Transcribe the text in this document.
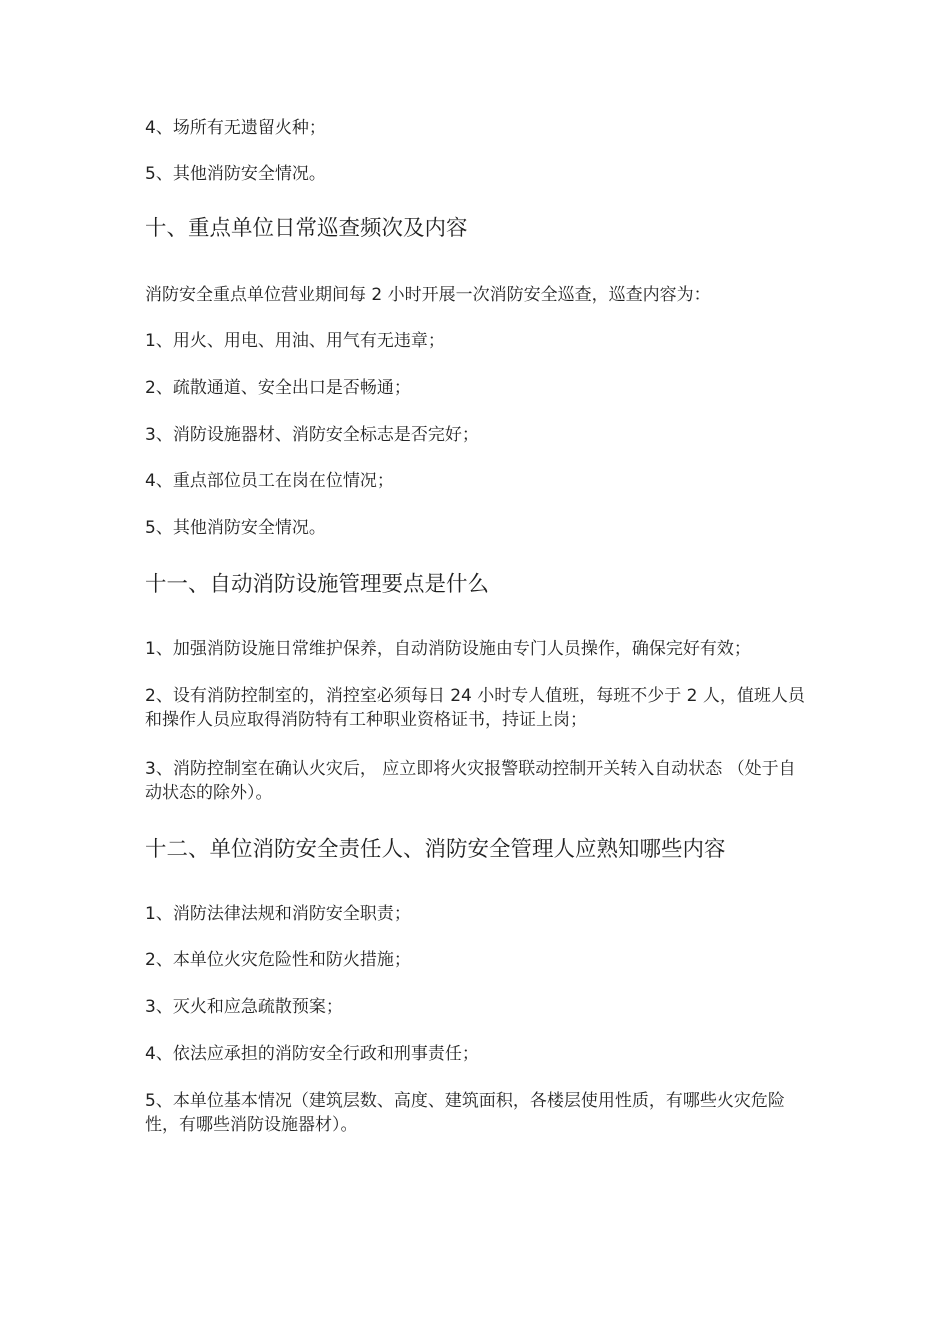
4、场所有无遗留火种；
5、其他消防安全情况。
十、重点单位日常巡查频次及内容
消防安全重点单位营业期间每 2 小时开展一次消防安全巡查，巡查内容为：
1、用火、用电、用油、用气有无违章；
2、疏散通道、安全出口是否畅通；
3、消防设施器材、消防安全标志是否完好；
4、重点部位员工在岗在位情况；
5、其他消防安全情况。
十一、自动消防设施管理要点是什么
1、加强消防设施日常维护保养，自动消防设施由专门人员操作，确保完好有效；
2、设有消防控制室的，消控室必须每日 24 小时专人值班，每班不少于 2 人，值班人员和操作人员应取得消防特有工种职业资格证书，持证上岗；
3、消防控制室在确认火灾后， 应立即将火灾报警联动控制开关转入自动状态 （处于自动状态的除外）。
十二、单位消防安全责任人、消防安全管理人应熟知哪些内容
1、消防法律法规和消防安全职责；
2、本单位火灾危险性和防火措施；
3、灭火和应急疏散预案；
4、依法应承担的消防安全行政和刑事责任；
5、本单位基本情况（建筑层数、高度、建筑面积，各楼层使用性质，有哪些火灾危险性，有哪些消防设施器材）。
